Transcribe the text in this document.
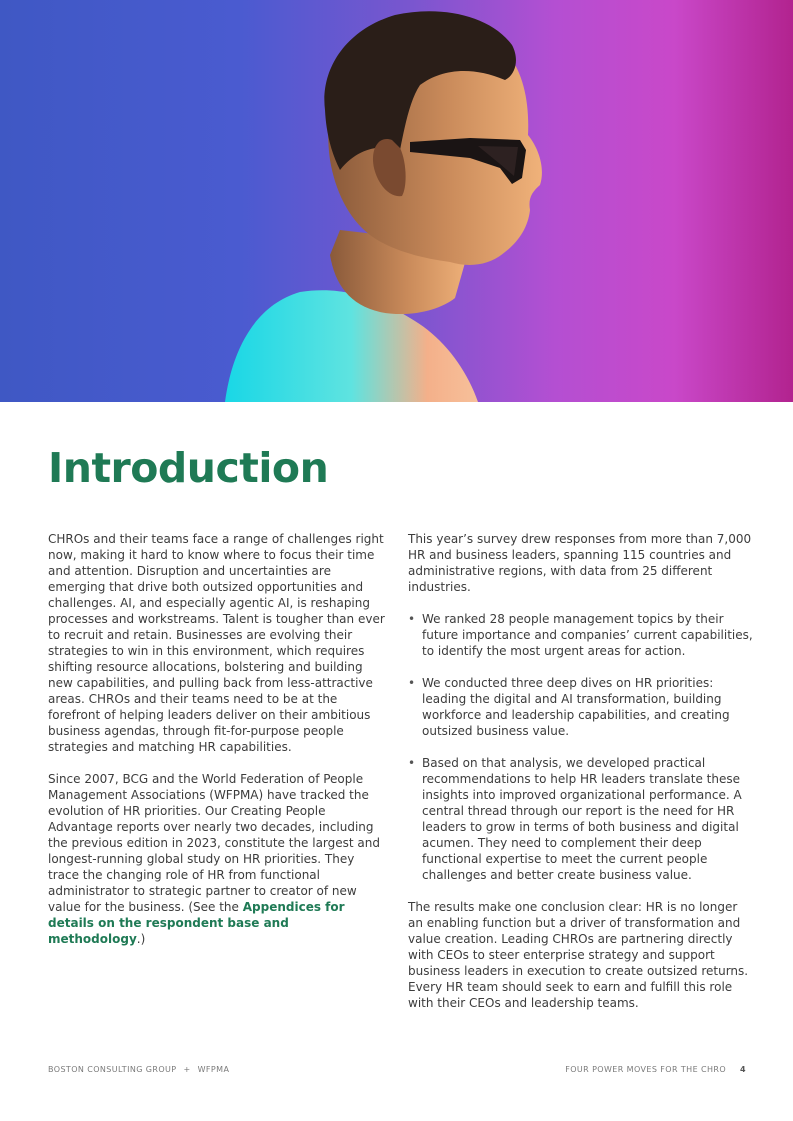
Introduction

CHROs and their teams face a range of challenges right now, making it hard to know where to focus their time and attention. Disruption and uncertainties are emerging that drive both outsized opportunities and challenges. AI, and especially agentic AI, is reshaping processes and workstreams. Talent is tougher than ever to recruit and retain. Businesses are evolving their strategies to win in this environment, which requires shifting resource allocations, bolstering and building new capabilities, and pulling back from less-attractive areas. CHROs and their teams need to be at the forefront of helping leaders deliver on their ambitious business agendas, through fit-for-purpose people strategies and matching HR capabilities.

Since 2007, BCG and the World Federation of People Management Associations (WFPMA) have tracked the evolution of HR priorities. Our Creating People Advantage reports over nearly two decades, including the previous edition in 2023, constitute the largest and longest-running global study on HR priorities. They trace the changing role of HR from functional administrator to strategic partner to creator of new value for the business. (See the Appendices for details on the respondent base and methodology.)

This year’s survey drew responses from more than 7,000 HR and business leaders, spanning 115 countries and administrative regions, with data from 25 different industries.

• We ranked 28 people management topics by their future importance and companies’ current capabilities, to identify the most urgent areas for action.
• We conducted three deep dives on HR priorities: leading the digital and AI transformation, building workforce and leadership capabilities, and creating outsized business value.
• Based on that analysis, we developed practical recommendations to help HR leaders translate these insights into improved organizational performance. A central thread through our report is the need for HR leaders to grow in terms of both business and digital acumen. They need to complement their deep functional expertise to meet the current people challenges and better create business value.

The results make one conclusion clear: HR is no longer an enabling function but a driver of transformation and value creation. Leading CHROs are partnering directly with CEOs to steer enterprise strategy and support business leaders in execution to create outsized returns. Every HR team should seek to earn and fulfill this role with their CEOs and leadership teams.

BOSTON CONSULTING GROUP + WFPMA	FOUR POWER MOVES FOR THE CHRO 4
